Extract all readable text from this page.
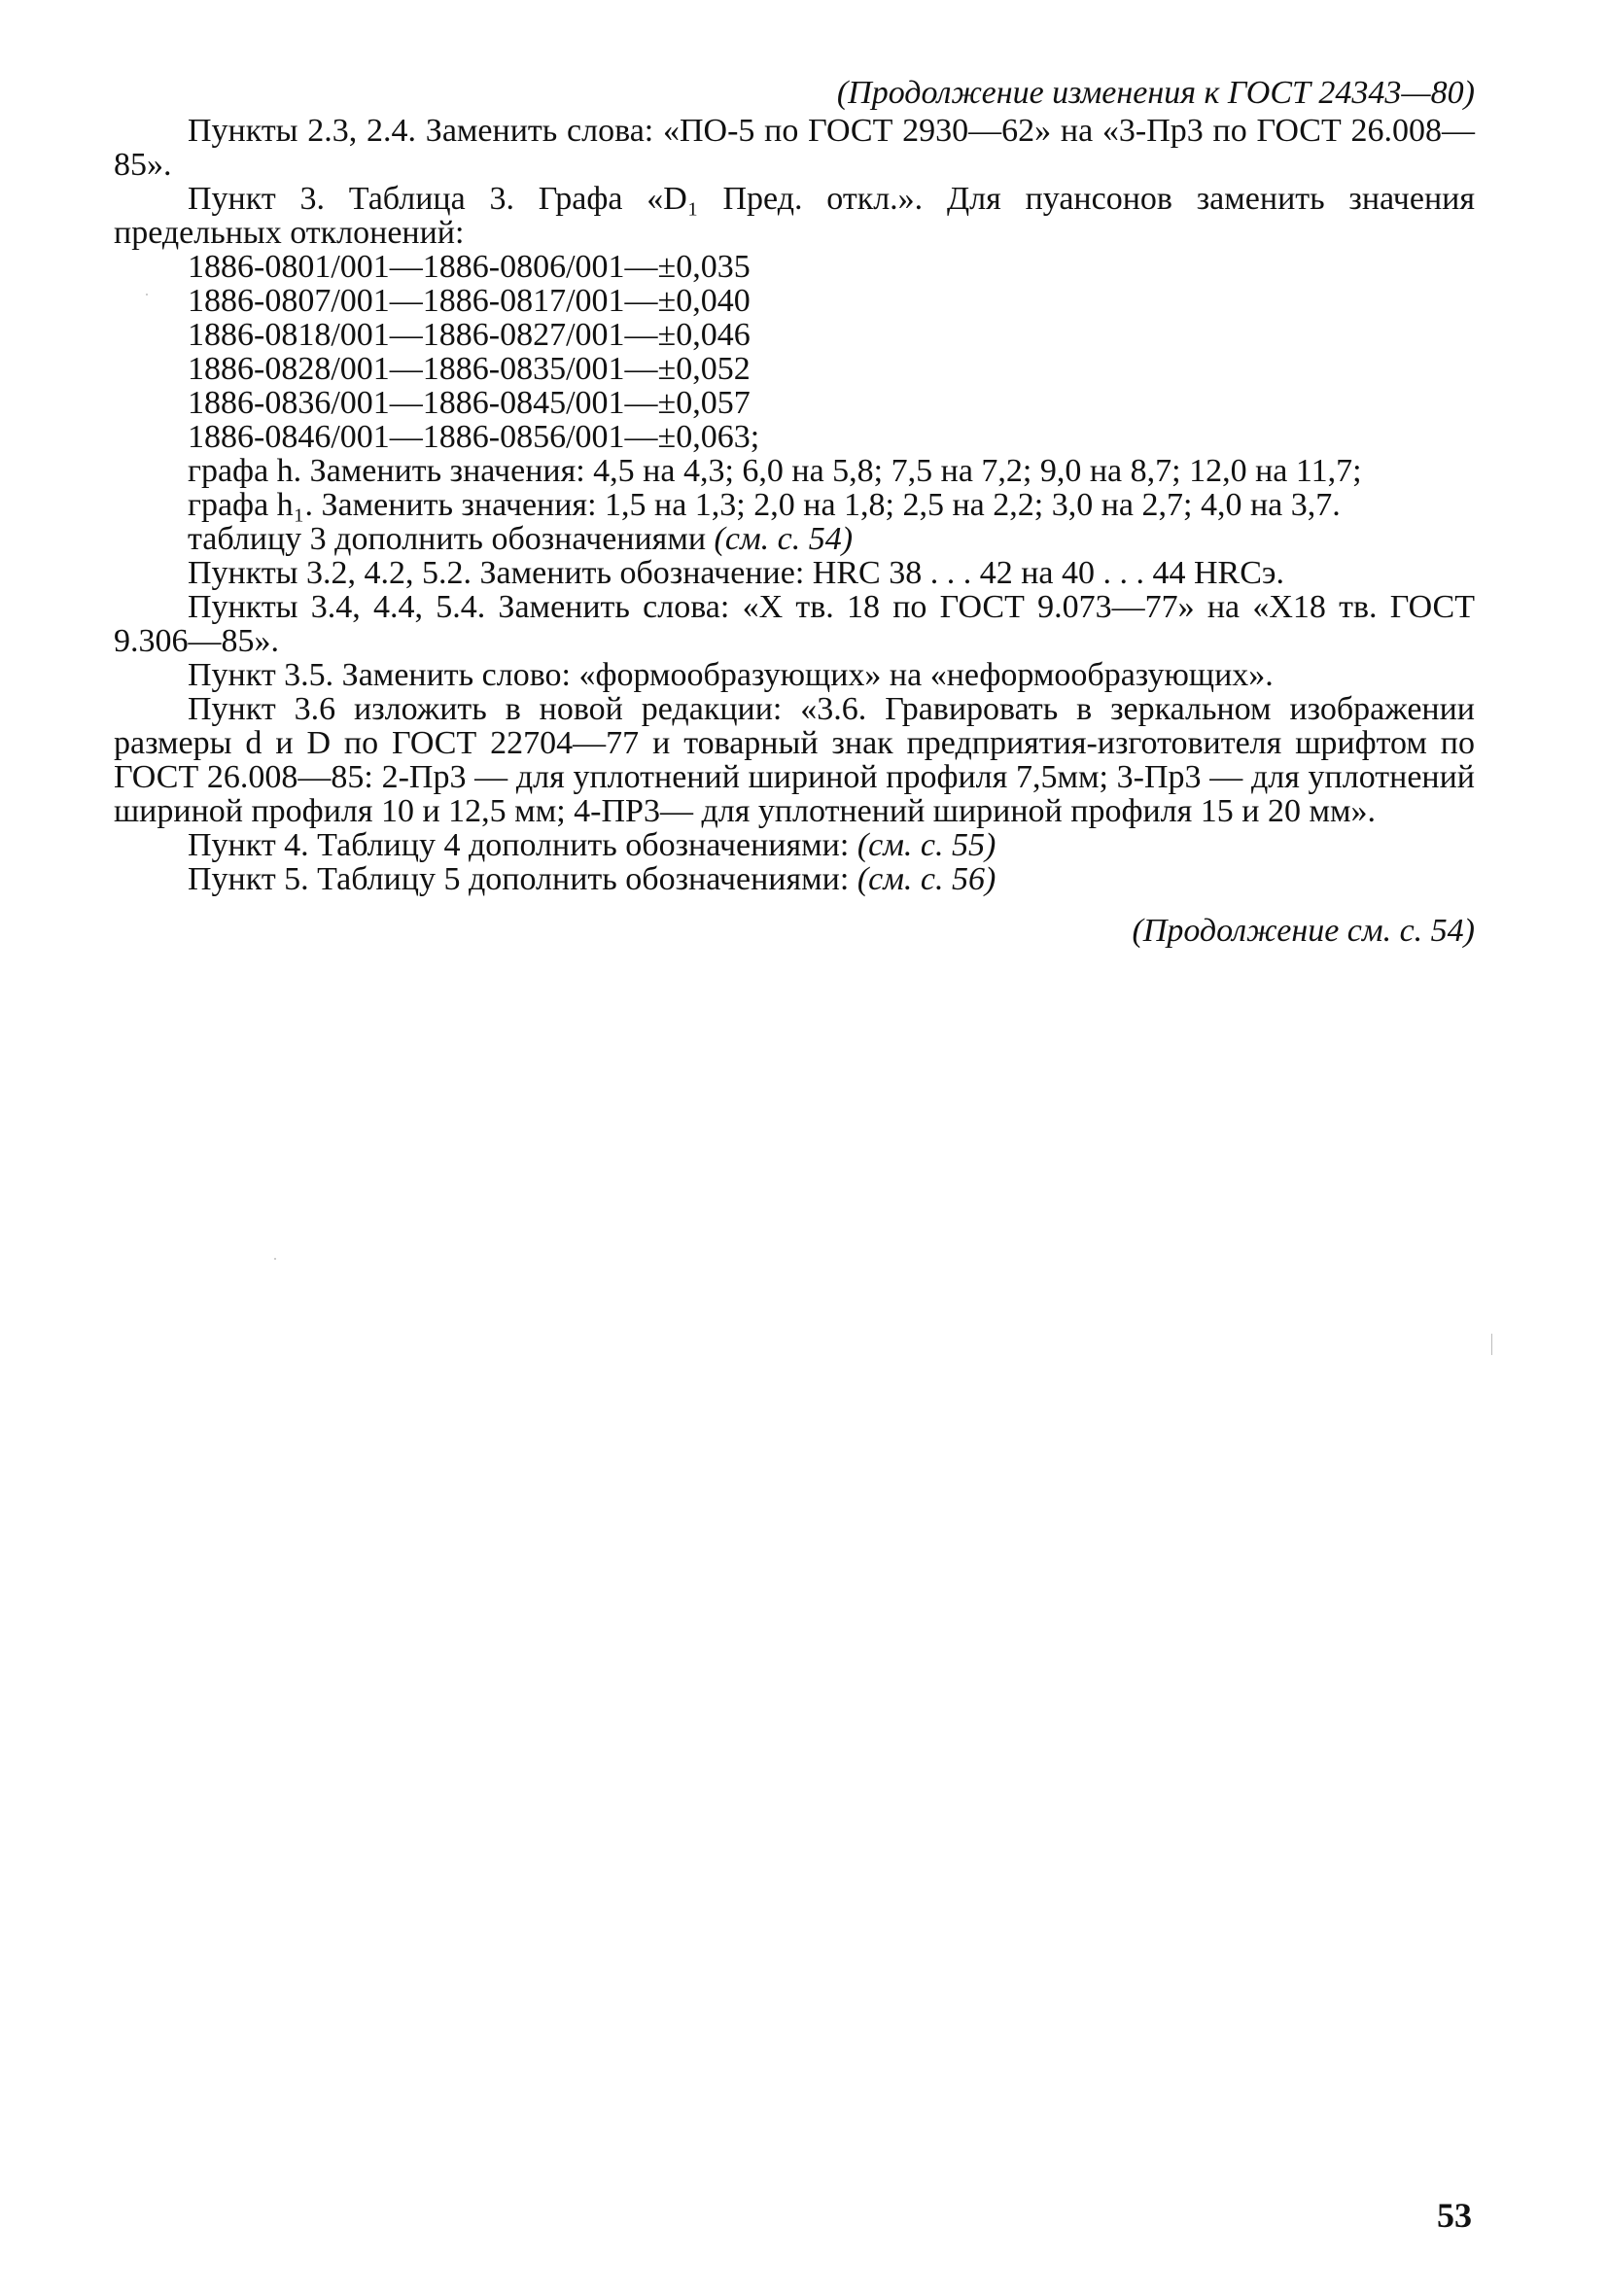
(Продолжение изменения к ГОСТ 24343—80)

Пункты 2.3, 2.4. Заменить слова: «ПО-5 по ГОСТ 2930—62» на «3-Пр3 по ГОСТ 26.008—85».

Пункт 3. Таблица 3. Графа «D₁ Пред. откл.». Для пуансонов заменить значения предельных отклонений:

1886-0801/001—1886-0806/001—±0,035
1886-0807/001—1886-0817/001—±0,040
1886-0818/001—1886-0827/001—±0,046
1886-0828/001—1886-0835/001—±0,052
1886-0836/001—1886-0845/001—±0,057
1886-0846/001—1886-0856/001—±0,063;

графа h. Заменить значения: 4,5 на 4,3; 6,0 на 5,8; 7,5 на 7,2; 9,0 на 8,7; 12,0 на 11,7;

графа h₁. Заменить значения: 1,5 на 1,3; 2,0 на 1,8; 2,5 на 2,2; 3,0 на 2,7; 4,0 на 3,7.

таблицу 3 дополнить обозначениями (см. с. 54)

Пункты 3.2, 4.2, 5.2. Заменить обозначение: HRC 38 . . . 42 на 40 . . . 44 HRCэ.

Пункты 3.4, 4.4, 5.4. Заменить слова: «Х тв. 18 по ГОСТ 9.073—77» на «Х18 тв. ГОСТ 9.306—85».

Пункт 3.5. Заменить слово: «формообразующих» на «неформообразующих».

Пункт 3.6 изложить в новой редакции: «3.6. Гравировать в зеркальном изображении размеры d и D по ГОСТ 22704—77 и товарный знак предприятия-изготовителя шрифтом по ГОСТ 26.008—85: 2-Пр3 — для уплотнений шириной профиля 7,5мм; 3-Пр3 — для уплотнений шириной профиля 10 и 12,5 мм; 4-ПР3— для уплотнений шириной профиля 15 и 20 мм».

Пункт 4. Таблицу 4 дополнить обозначениями: (см. с. 55)

Пункт 5. Таблицу 5 дополнить обозначениями: (см. с. 56)

(Продолжение см. с. 54)
53
